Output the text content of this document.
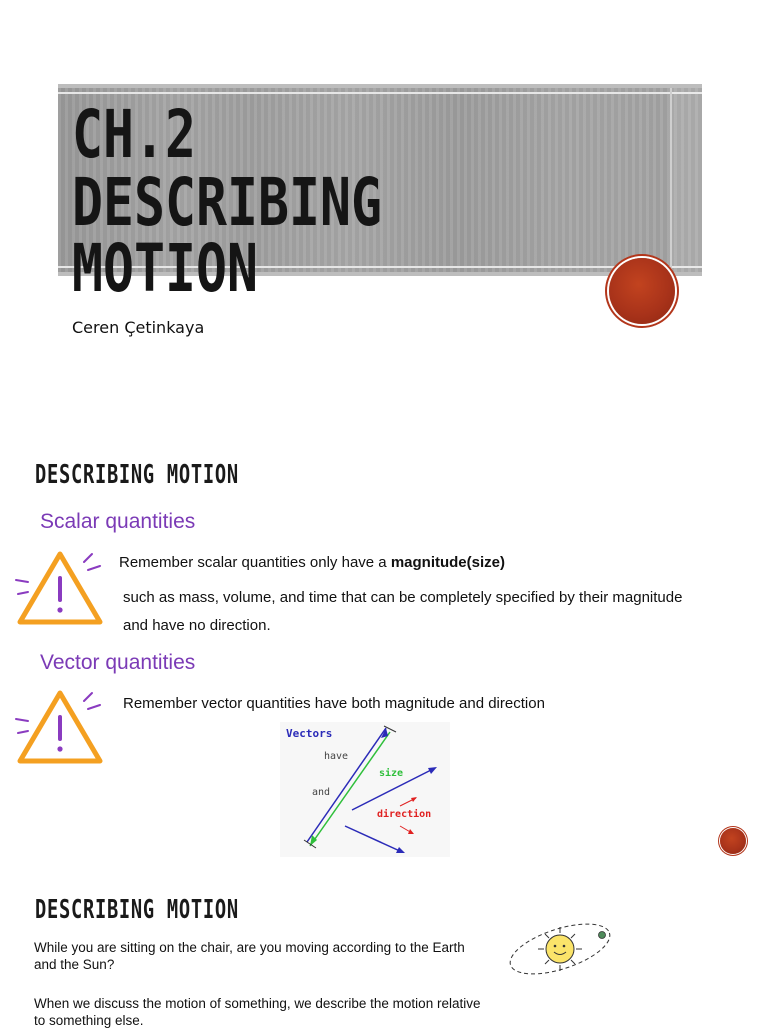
CH.2
DESCRIBING MOTION
Ceren Çetinkaya
DESCRIBING MOTION
Scalar quantities
Remember scalar quantities only have a magnitude(size)
such as mass, volume, and time that can be completely specified by their magnitude
and have no direction.
Vector quantities
Remember vector quantities have both magnitude and direction
Vectors
have
and
size
direction
DESCRIBING MOTION
While you are sitting on the chair, are you moving according to the Earth and the Sun?
When we discuss the motion of something, we describe the motion relative to something else.
